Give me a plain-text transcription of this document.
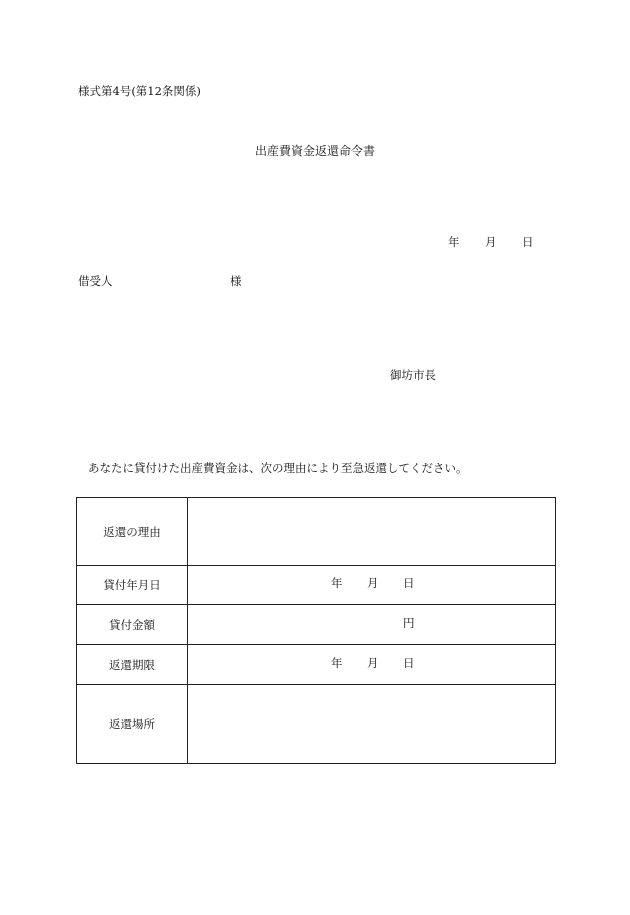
様式第4号(第12条関係)
出産費資金返還命令書
年 月 日
借受人	様
御坊市長
あなたに貸付けた出産費資金は、次の理由により至急返還してください。
返還の理由	
貸付年月日	年 月 日

貸付金額	円

返還期限	年 月 日

返還場所	
